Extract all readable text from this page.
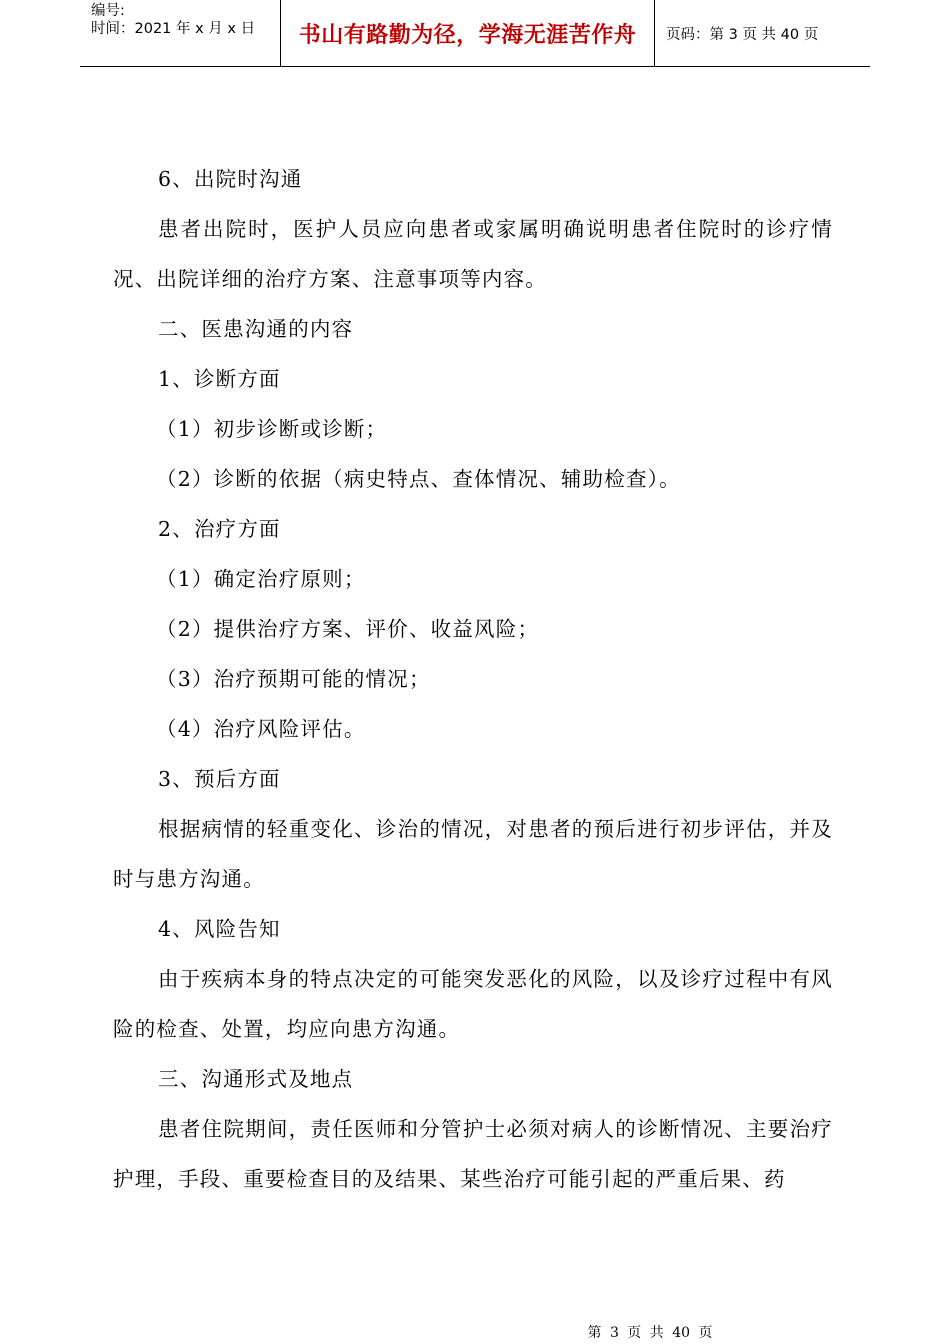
编号:
时间：2021 年 x 月 x 日	书山有路勤为径，学海无涯苦作舟	页码：第 3 页 共 40 页

6、出院时沟通

患者出院时，医护人员应向患者或家属明确说明患者住院时的诊疗情况、出院详细的治疗方案、注意事项等内容。

二、医患沟通的内容

1、诊断方面

（1）初步诊断或诊断；

（2）诊断的依据（病史特点、查体情况、辅助检查）。

2、治疗方面

（1）确定治疗原则；

（2）提供治疗方案、评价、收益风险；

（3）治疗预期可能的情况；

（4）治疗风险评估。

3、预后方面

根据病情的轻重变化、诊治的情况，对患者的预后进行初步评估，并及时与患方沟通。

4、风险告知

由于疾病本身的特点决定的可能突发恶化的风险，以及诊疗过程中有风险的检查、处置，均应向患方沟通。

三、沟通形式及地点

患者住院期间，责任医师和分管护士必须对病人的诊断情况、主要治疗护理，手段、重要检查目的及结果、某些治疗可能引起的严重后果、药

第 3 页 共 40 页
